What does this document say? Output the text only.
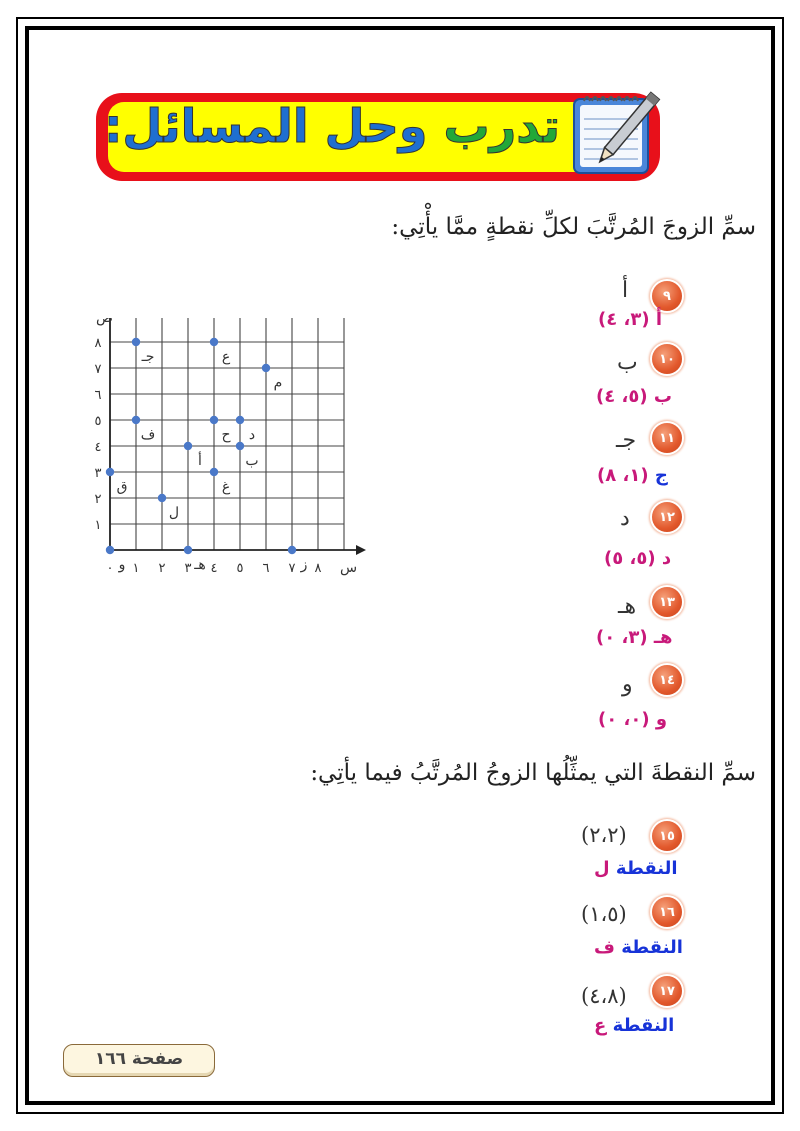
تدرب وحل المسائل:
سمِّ الزوجَ المُرتَّبَ لكلِّ نقطةٍ ممَّا يأْتِي:
٩
أ
أ (٣، ٤)
١٠
ب
ب (٥، ٤)
١١
جـ
ج (١، ٨)
١٢
د
د (٥، ٥)
١٣
هـ
هـ (٣، ٠)
١٤
و
و (٠، ٠)
سمِّ النقطةَ التي يمثِّلُها الزوجُ المُرتَّبُ فيما يأتِي:
١٥
(٢،٢)
النقطة ل
١٦
(١،٥)
النقطة ف
١٧
(٤،٨)
النقطة ع
٠ ١ ٢ ٣ ٤ ٥ ٦ ٧ ٨
١
٢
٣
٤
٥
٦
٧
٨
س
ص
جـ	ع
م
د
ح
ف
أ	ب
ق	غ
ل
و	هـ	ز
صفحة ١٦٦
